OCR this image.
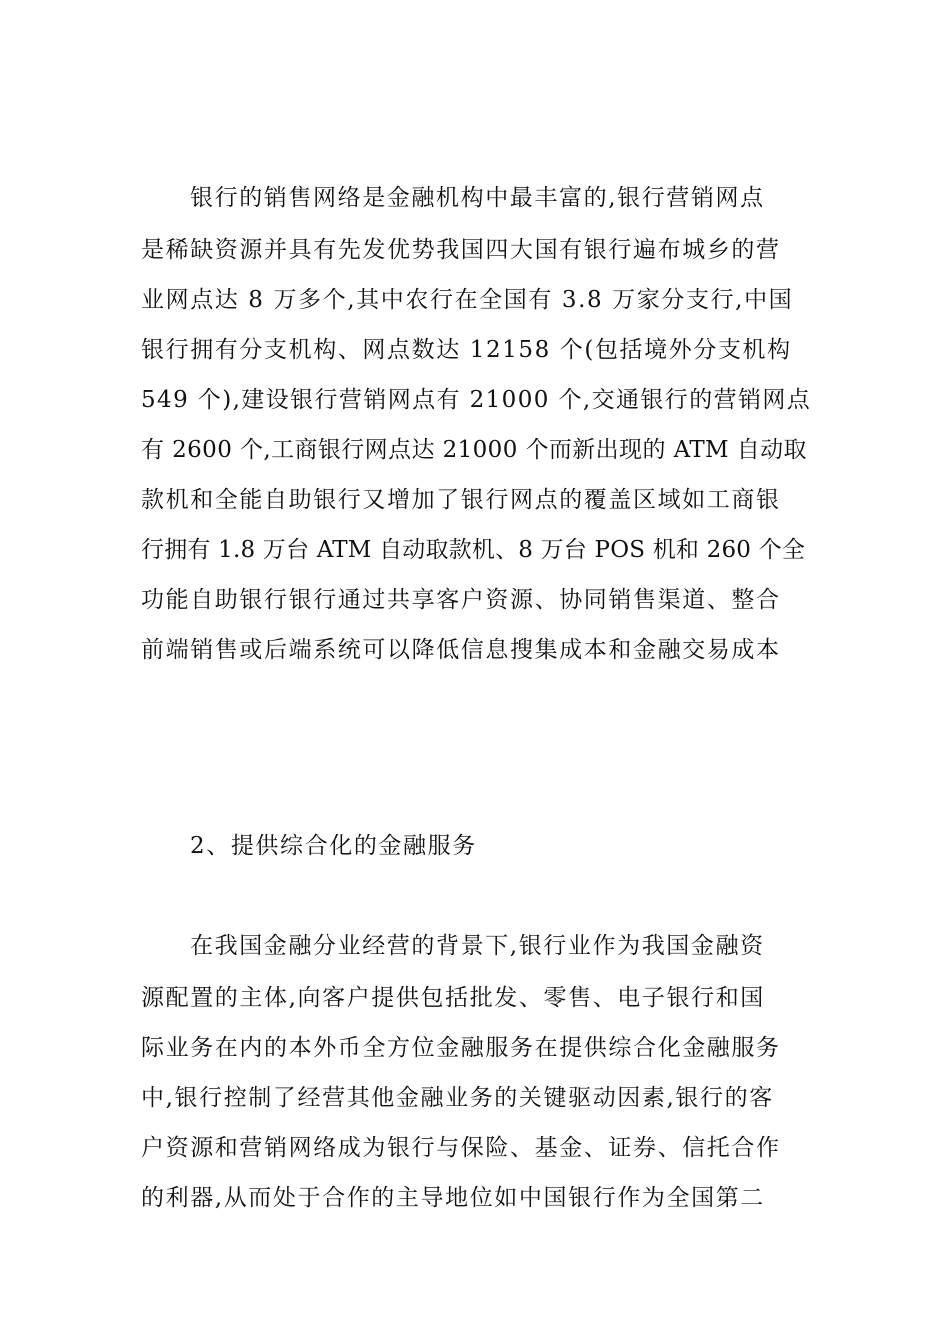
银行的销售网络是金融机构中最丰富的,银行营销网点
是稀缺资源并具有先发优势我国四大国有银行遍布城乡的营
业网点达 8 万多个,其中农行在全国有 3.8 万家分支行,中国
银行拥有分支机构、网点数达 12158 个(包括境外分支机构
549 个),建设银行营销网点有 21000 个,交通银行的营销网点
有 2600 个,工商银行网点达 21000 个而新出现的 ATM 自动取
款机和全能自助银行又增加了银行网点的覆盖区域如工商银
行拥有 1.8 万台 ATM 自动取款机、8 万台 POS 机和 260 个全
功能自助银行银行通过共享客户资源、协同销售渠道、整合
前端销售或后端系统可以降低信息搜集成本和金融交易成本
2、提供综合化的金融服务
在我国金融分业经营的背景下,银行业作为我国金融资
源配置的主体,向客户提供包括批发、零售、电子银行和国
际业务在内的本外币全方位金融服务在提供综合化金融服务
中,银行控制了经营其他金融业务的关键驱动因素,银行的客
户资源和营销网络成为银行与保险、基金、证券、信托合作
的利器,从而处于合作的主导地位如中国银行作为全国第二
